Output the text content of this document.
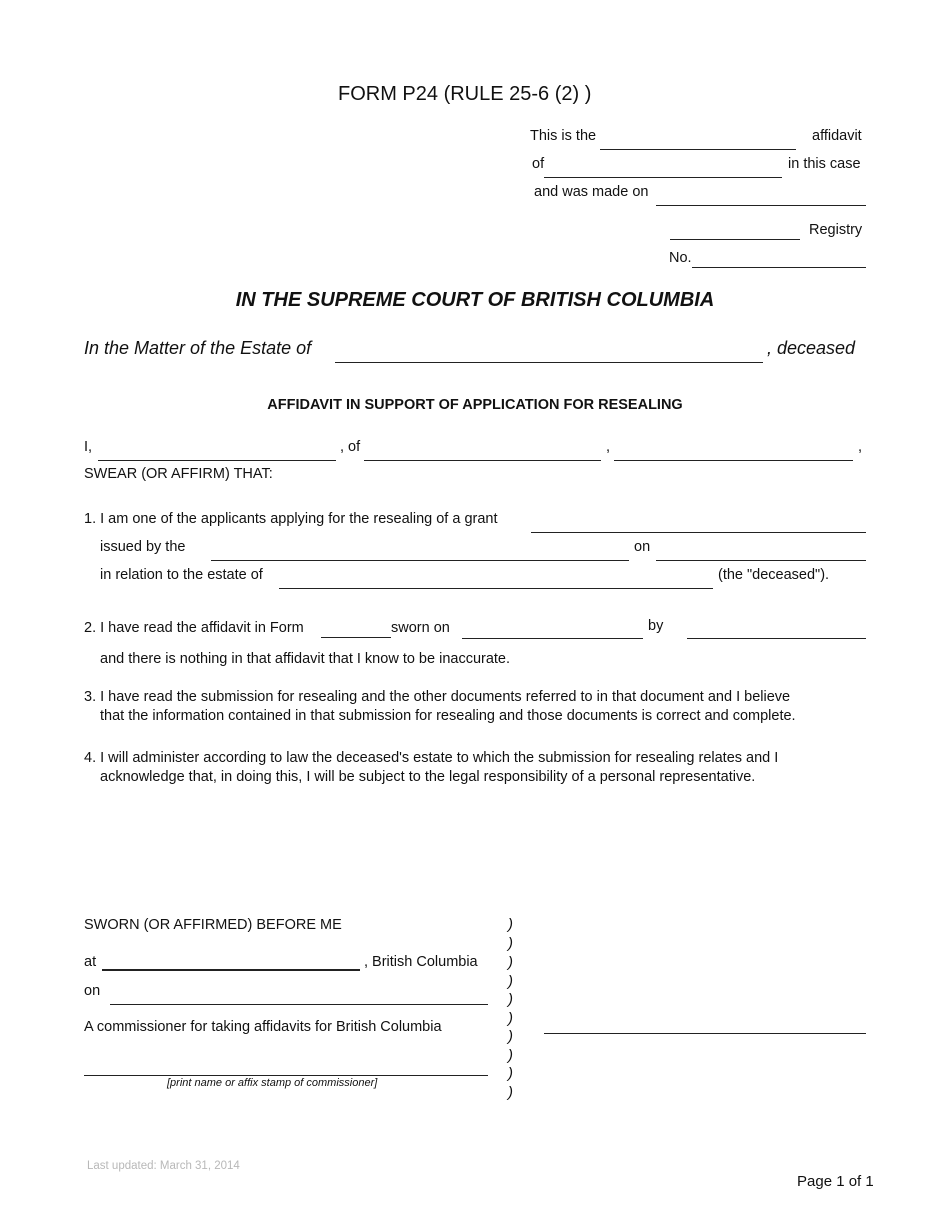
FORM P24 (RULE 25-6 (2) )
This is the	affidavit
of	in this case
and was made on
Registry
No.
IN THE SUPREME COURT OF BRITISH COLUMBIA
In the Matter of the Estate of	, deceased
AFFIDAVIT IN SUPPORT OF APPLICATION FOR RESEALING
I,	, of	,	,
SWEAR (OR AFFIRM) THAT:
1. I am one of the applicants applying for the resealing of a grant
issued by the	on
in relation to the estate of	(the "deceased").
2. I have read the affidavit in Form	sworn on	by
and there is nothing in that affidavit that I know to be inaccurate.
3. I have read the submission for resealing and the other documents referred to in that document and I believe
that the information contained in that submission for resealing and those documents is correct and complete.
4. I will administer according to law the deceased's estate to which the submission for resealing relates and I
acknowledge that, in doing this, I will be subject to the legal responsibility of a personal representative.
SWORN (OR AFFIRMED) BEFORE ME
at	, British Columbia
on
A commissioner for taking affidavits for British Columbia
[print name or affix stamp of commissioner]
)
)
)
)
)
)
)
)
)
)
Last updated: March 31, 2014
Page 1 of 1
